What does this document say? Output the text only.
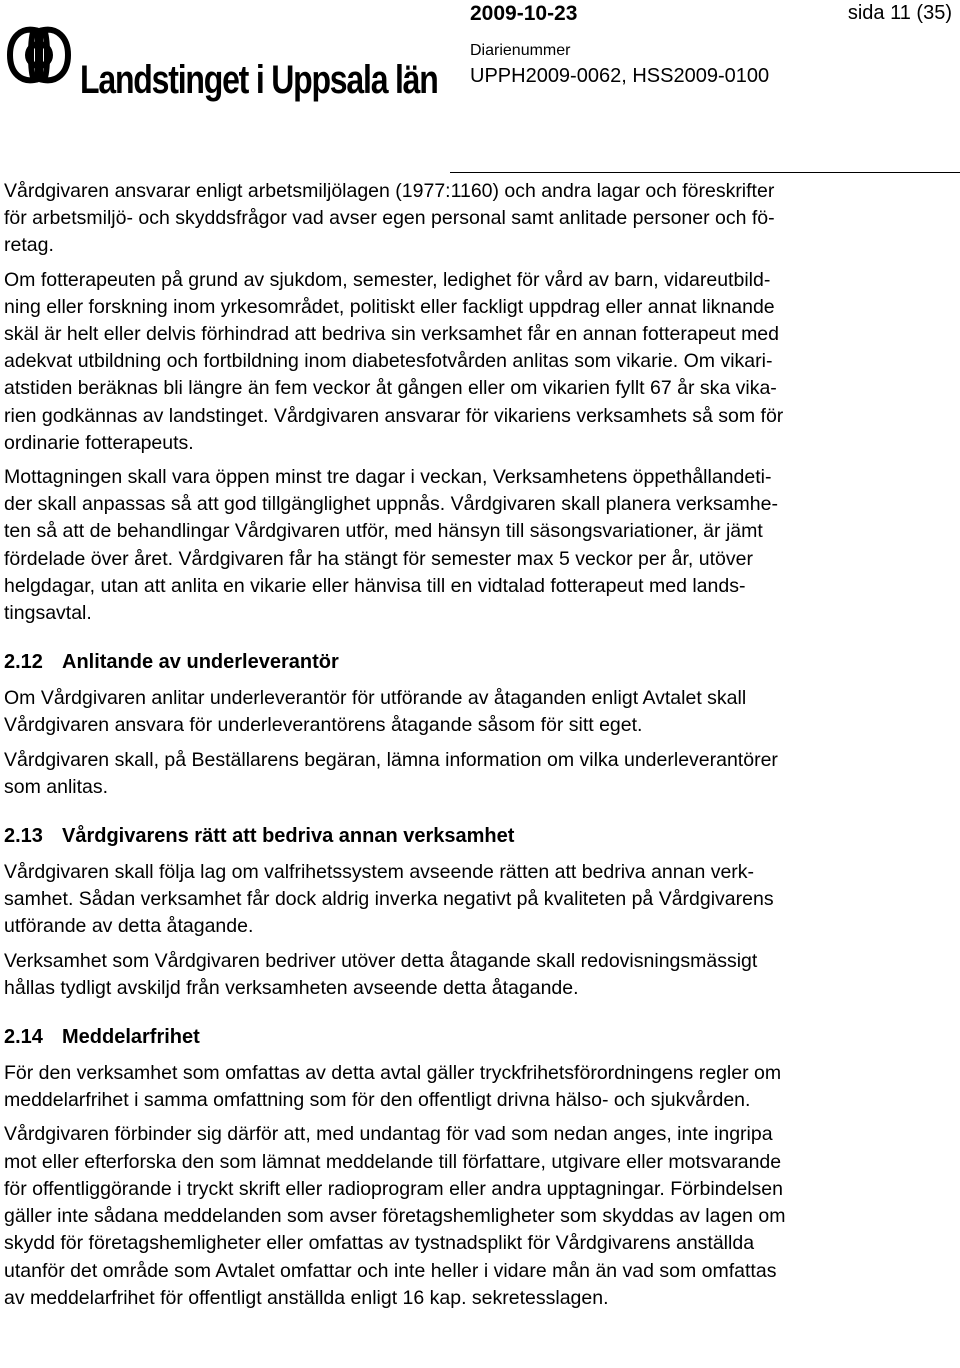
Landstinget i Uppsala län
2009-10-23	sida 11 (35)
Diarienummer
UPPH2009-0062, HSS2009-0100
Vårdgivaren ansvarar enligt arbetsmiljölagen (1977:1160) och andra lagar och föreskrifter
för arbetsmiljö- och skyddsfrågor vad avser egen personal samt anlitade personer och fö-
retag.
Om fotterapeuten på grund av sjukdom, semester, ledighet för vård av barn, vidareutbild-
ning eller forskning inom yrkesområdet, politiskt eller fackligt uppdrag eller annat liknande
skäl är helt eller delvis förhindrad att bedriva sin verksamhet får en annan fotterapeut med
adekvat utbildning och fortbildning inom diabetesfotvården anlitas som vikarie. Om vikari-
atstiden beräknas bli längre än fem veckor åt gången eller om vikarien fyllt 67 år ska vika-
rien godkännas av landstinget. Vårdgivaren ansvarar för vikariens verksamhets så som för
ordinarie fotterapeuts.
Mottagningen skall vara öppen minst tre dagar i veckan, Verksamhetens öppethållandeti-
der skall anpassas så att god tillgänglighet uppnås. Vårdgivaren skall planera verksamhe-
ten så att de behandlingar Vårdgivaren utför, med hänsyn till säsongsvariationer, är jämt
fördelade över året. Vårdgivaren får ha stängt för semester max 5 veckor per år, utöver
helgdagar, utan att anlita en vikarie eller hänvisa till en vidtalad fotterapeut med lands-
tingsavtal.
2.12 Anlitande av underleverantör
Om Vårdgivaren anlitar underleverantör för utförande av åtaganden enligt Avtalet skall
Vårdgivaren ansvara för underleverantörens åtagande såsom för sitt eget.
Vårdgivaren skall, på Beställarens begäran, lämna information om vilka underleverantörer
som anlitas.
2.13 Vårdgivarens rätt att bedriva annan verksamhet
Vårdgivaren skall följa lag om valfrihetssystem avseende rätten att bedriva annan verk-
samhet. Sådan verksamhet får dock aldrig inverka negativt på kvaliteten på Vårdgivarens
utförande av detta åtagande.
Verksamhet som Vårdgivaren bedriver utöver detta åtagande skall redovisningsmässigt
hållas tydligt avskiljd från verksamheten avseende detta åtagande.
2.14 Meddelarfrihet
För den verksamhet som omfattas av detta avtal gäller tryckfrihetsförordningens regler om
meddelarfrihet i samma omfattning som för den offentligt drivna hälso- och sjukvården.
Vårdgivaren förbinder sig därför att, med undantag för vad som nedan anges, inte ingripa
mot eller efterforska den som lämnat meddelande till författare, utgivare eller motsvarande
för offentliggörande i tryckt skrift eller radioprogram eller andra upptagningar. Förbindelsen
gäller inte sådana meddelanden som avser företagshemligheter som skyddas av lagen om
skydd för företagshemligheter eller omfattas av tystnadsplikt för Vårdgivarens anställda
utanför det område som Avtalet omfattar och inte heller i vidare mån än vad som omfattas
av meddelarfrihet för offentligt anställda enligt 16 kap. sekretesslagen.
